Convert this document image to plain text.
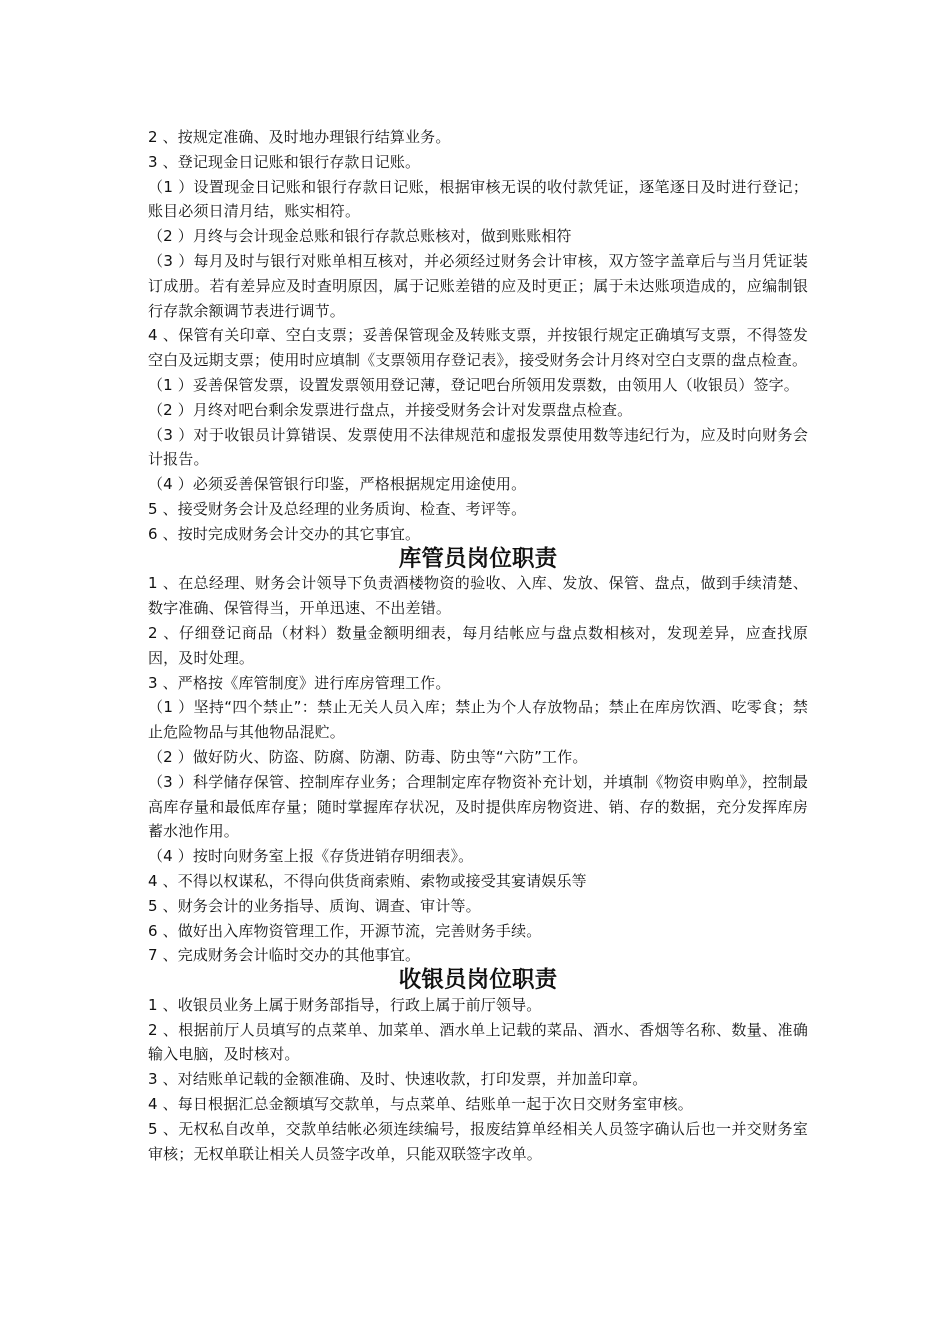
2 、按规定准确、及时地办理银行结算业务。

3 、登记现金日记账和银行存款日记账。

（1 ）设置现金日记账和银行存款日记账，根据审核无误的收付款凭证，逐笔逐日及时进行登记；账目必须日清月结，账实相符。

（2 ）月终与会计现金总账和银行存款总账核对，做到账账相符

（3 ）每月及时与银行对账单相互核对，并必须经过财务会计审核，双方签字盖章后与当月凭证装订成册。若有差异应及时查明原因，属于记账差错的应及时更正；属于未达账项造成的，应编制银行存款余额调节表进行调节。

4 、保管有关印章、空白支票；妥善保管现金及转账支票，并按银行规定正确填写支票，不得签发空白及远期支票；使用时应填制《支票领用存登记表》，接受财务会计月终对空白支票的盘点检查。

（1 ）妥善保管发票，设置发票领用登记薄，登记吧台所领用发票数，由领用人（收银员）签字。

（2 ）月终对吧台剩余发票进行盘点，并接受财务会计对发票盘点检查。

（3 ）对于收银员计算错误、发票使用不法律规范和虚报发票使用数等违纪行为，应及时向财务会计报告。

（4 ）必须妥善保管银行印鉴，严格根据规定用途使用。

5 、接受财务会计及总经理的业务质询、检查、考评等。

6 、按时完成财务会计交办的其它事宜。

库管员岗位职责

1 、在总经理、财务会计领导下负责酒楼物资的验收、入库、发放、保管、盘点，做到手续清楚、数字准确、保管得当，开单迅速、不出差错。

2 、仔细登记商品（材料）数量金额明细表，每月结帐应与盘点数相核对，发现差异，应查找原因，及时处理。

3 、严格按《库管制度》进行库房管理工作。

（1 ）坚持“四个禁止”：禁止无关人员入库；禁止为个人存放物品；禁止在库房饮酒、吃零食；禁止危险物品与其他物品混贮。

（2 ）做好防火、防盗、防腐、防潮、防毒、防虫等“六防”工作。

（3 ）科学储存保管、控制库存业务；合理制定库存物资补充计划，并填制《物资申购单》，控制最高库存量和最低库存量；随时掌握库存状况，及时提供库房物资进、销、存的数据，充分发挥库房蓄水池作用。

（4 ）按时向财务室上报《存货进销存明细表》。

4 、不得以权谋私，不得向供货商索贿、索物或接受其宴请娱乐等

5 、财务会计的业务指导、质询、调查、审计等。

6 、做好出入库物资管理工作，开源节流，完善财务手续。

7 、完成财务会计临时交办的其他事宜。

收银员岗位职责

1 、收银员业务上属于财务部指导，行政上属于前厅领导。

2 、根据前厅人员填写的点菜单、加菜单、酒水单上记载的菜品、酒水、香烟等名称、数量、准确输入电脑，及时核对。

3 、对结账单记载的金额准确、及时、快速收款，打印发票，并加盖印章。

4 、每日根据汇总金额填写交款单，与点菜单、结账单一起于次日交财务室审核。

5 、无权私自改单，交款单结帐必须连续编号，报废结算单经相关人员签字确认后也一并交财务室审核；无权单联让相关人员签字改单，只能双联签字改单。
